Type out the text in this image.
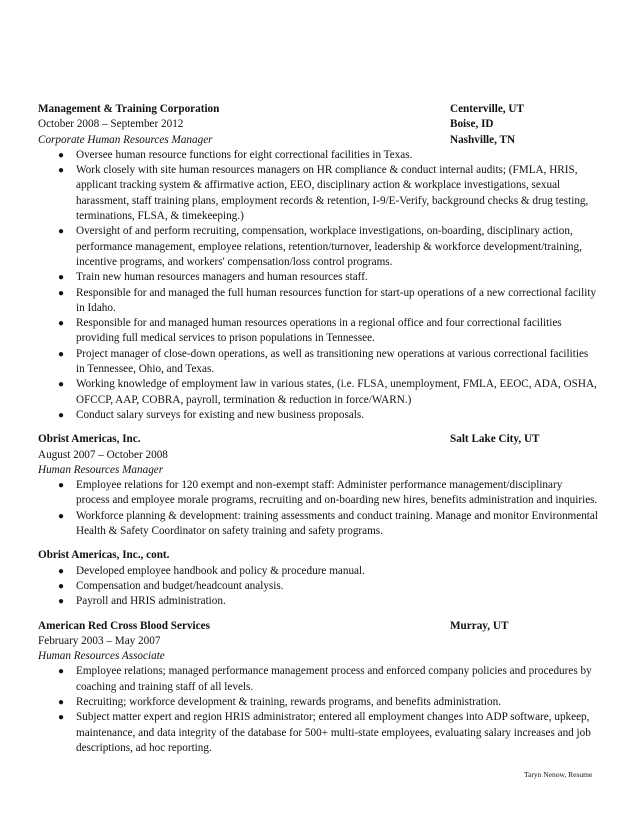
Management & Training Corporation	Centerville, UT
October 2008 – September 2012	Boise, ID
Corporate Human Resources Manager	Nashville, TN
● Oversee human resource functions for eight correctional facilities in Texas.
● Work closely with site human resources managers on HR compliance & conduct internal audits; (FMLA, HRIS, applicant tracking system & affirmative action, EEO, disciplinary action & workplace investigations, sexual harassment, staff training plans, employment records & retention, I-9/E-Verify, background checks & drug testing, terminations, FLSA, & timekeeping.)
● Oversight of and perform recruiting, compensation, workplace investigations, on-boarding, disciplinary action, performance management, employee relations, retention/turnover, leadership & workforce development/training, incentive programs, and workers' compensation/loss control programs.
● Train new human resources managers and human resources staff.
● Responsible for and managed the full human resources function for start-up operations of a new correctional facility in Idaho.
● Responsible for and managed human resources operations in a regional office and four correctional facilities providing full medical services to prison populations in Tennessee.
● Project manager of close-down operations, as well as transitioning new operations at various correctional facilities in Tennessee, Ohio, and Texas.
● Working knowledge of employment law in various states, (i.e. FLSA, unemployment, FMLA, EEOC, ADA, OSHA, OFCCP, AAP, COBRA, payroll, termination & reduction in force/WARN.)
● Conduct salary surveys for existing and new business proposals.
Obrist Americas, Inc.	Salt Lake City, UT
August 2007 – October 2008
Human Resources Manager
● Employee relations for 120 exempt and non-exempt staff: Administer performance management/disciplinary process and employee morale programs, recruiting and on-boarding new hires, benefits administration and inquiries.
● Workforce planning & development: training assessments and conduct training. Manage and monitor Environmental Health & Safety Coordinator on safety training and safety programs.
Obrist Americas, Inc., cont.
● Developed employee handbook and policy & procedure manual.
● Compensation and budget/headcount analysis.
● Payroll and HRIS administration.
American Red Cross Blood Services	Murray, UT
February 2003 – May 2007
Human Resources Associate
● Employee relations; managed performance management process and enforced company policies and procedures by coaching and training staff of all levels.
● Recruiting; workforce development & training, rewards programs, and benefits administration.
● Subject matter expert and region HRIS administrator; entered all employment changes into ADP software, upkeep, maintenance, and data integrity of the database for 500+ multi-state employees, evaluating salary increases and job descriptions, ad hoc reporting.
Taryn Nenow, Resume
